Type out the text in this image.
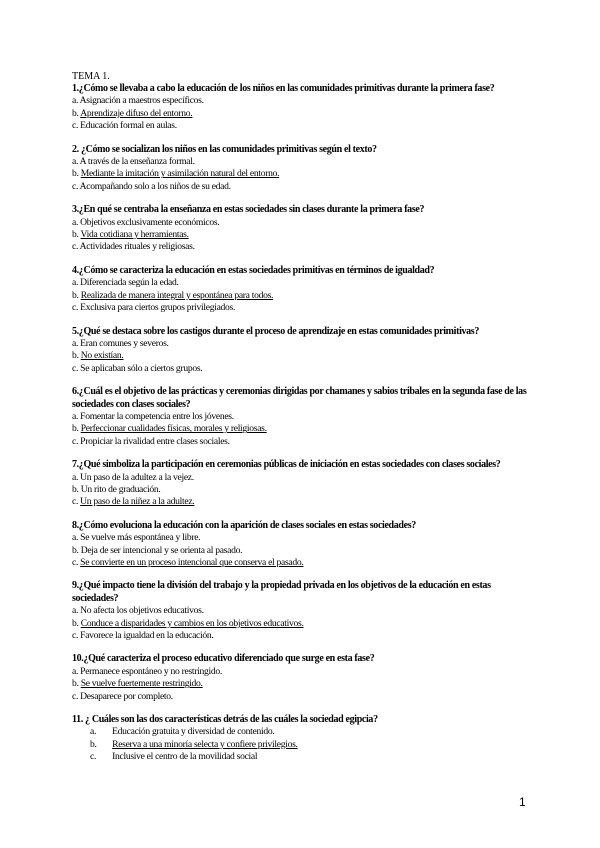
TEMA 1.
1.¿Cómo se llevaba a cabo la educación de los niños en las comunidades primitivas durante la primera fase?
a. Asignación a maestros específicos.
b. Aprendizaje difuso del entorno.
c. Educación formal en aulas.
2. ¿Cómo se socializan los niños en las comunidades primitivas según el texto?
a. A través de la enseñanza formal.
b. Mediante la imitación y asimilación natural del entorno.
c. Acompañando solo a los niños de su edad.
3.¿En qué se centraba la enseñanza en estas sociedades sin clases durante la primera fase?
a. Objetivos exclusivamente económicos.
b. Vida cotidiana y herramientas.
c. Actividades rituales y religiosas.
4.¿Cómo se caracteriza la educación en estas sociedades primitivas en términos de igualdad?
a. Diferenciada según la edad.
b. Realizada de manera integral y espontánea para todos.
c. Exclusiva para ciertos grupos privilegiados.
5.¿Qué se destaca sobre los castigos durante el proceso de aprendizaje en estas comunidades primitivas?
a. Eran comunes y severos.
b. No existían.
c. Se aplicaban sólo a ciertos grupos.
6.¿Cuál es el objetivo de las prácticas y ceremonias dirigidas por chamanes y sabios tribales en la segunda fase de las sociedades con clases sociales?
a. Fomentar la competencia entre los jóvenes.
b. Perfeccionar cualidades físicas, morales y religiosas.
c. Propiciar la rivalidad entre clases sociales.
7.¿Qué simboliza la participación en ceremonias públicas de iniciación en estas sociedades con clases sociales?
a. Un paso de la adultez a la vejez.
b. Un rito de graduación.
c. Un paso de la niñez a la adultez.
8.¿Cómo evoluciona la educación con la aparición de clases sociales en estas sociedades?
a. Se vuelve más espontánea y libre.
b. Deja de ser intencional y se orienta al pasado.
c. Se convierte en un proceso intencional que conserva el pasado.
9.¿Qué impacto tiene la división del trabajo y la propiedad privada en los objetivos de la educación en estas sociedades?
a. No afecta los objetivos educativos.
b. Conduce a disparidades y cambios en los objetivos educativos.
c. Favorece la igualdad en la educación.
10.¿Qué caracteriza el proceso educativo diferenciado que surge en esta fase?
a. Permanece espontáneo y no restringido.
b. Se vuelve fuertemente restringido.
c. Desaparece por completo.
11. ¿ Cuáles son las dos características detrás de las cuáles la sociedad egipcia?
a. Educación gratuita y diversidad de contenido.
b. Reserva a una minoría selecta y confiere privilegios.
c. Inclusive el centro de la movilidad social
1
